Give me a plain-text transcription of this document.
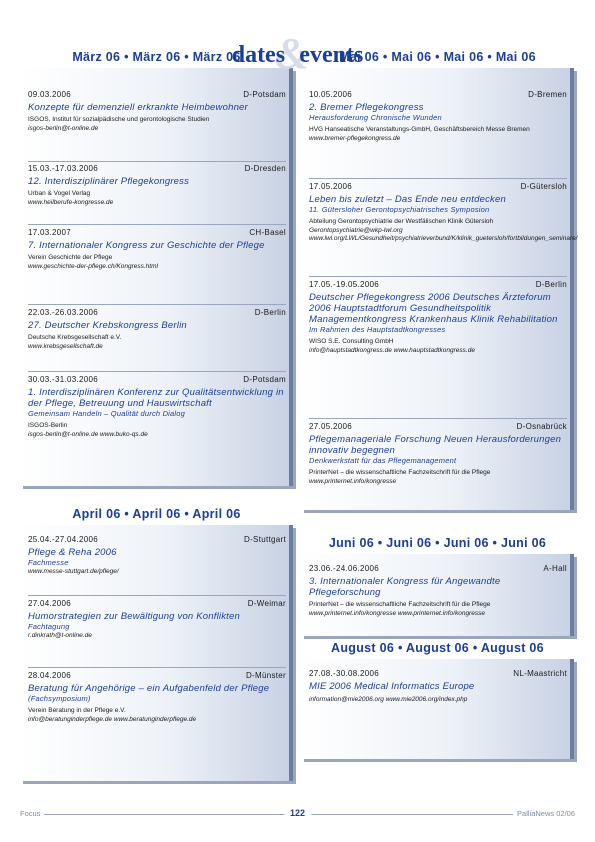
dates&events
März 06 • März 06 • März 06
09.03.2006	D-Potsdam
Konzepte für demenziell erkrankte Heimbewohner
ISGOS, Institut für sozialpädische und gerontologische Studien
isgos-berlin@t-online.de
15.03.-17.03.2006	D-Dresden
12. Interdisziplinärer Pflegekongress
Urban & Vogel Verlag
www.heilberufe-kongresse.de
17.03.2007	CH-Basel
7. Internationaler Kongress zur Geschichte der Pflege
Verein Geschichte der Pflege
www.geschichte-der-pflege.ch/Kongress.html
22.03.-26.03.2006	D-Berlin
27. Deutscher Krebskongress Berlin
Deutsche Krebsgesellschaft e.V.
www.krebsgesellschaft.de
30.03.-31.03.2006	D-Potsdam
1. Interdisziplinären Konferenz zur Qualitätsentwicklung in der Pflege, Betreuung und Hauswirtschaft
Gemeinsam Handeln – Qualität durch Dialog
ISGOS-Berlin
isgos-berlin@t-online.de www.buko-qs.de
April 06 • April 06 • April 06
25.04.-27.04.2006	D-Stuttgart
Pflege & Reha 2006
Fachmesse
www.messe-stuttgart.de/pflege/
27.04.2006	D-Weimar
Humorstrategien zur Bewältigung von Konflikten
Fachtagung
r.dinkrath@t-online.de
28.04.2006	D-Münster
Beratung für Angehörige – ein Aufgabenfeld der Pflege
(Fachsymposium)
Verein Beratung in der Pflege e.V.
info@beratunginderpflege.de www.beratunginderpflege.de
Mai 06 • Mai 06 • Mai 06 • Mai 06
10.05.2006	D-Bremen
2. Bremer Pflegekongress
Herausforderung Chronische Wunden
HVG Hanseatische Veranstaltungs-GmbH, Geschäftsbereich Messe Bremen
www.bremer-pflegekongress.de
17.05.2006	D-Gütersloh
Leben bis zuletzt – Das Ende neu entdecken
11. Gütersloher Gerontopsychiatrisches Symposion
Abteilung Gerontopsychiatrie der Westfälischen Klinik Gütersloh
Gerontopsychiatrie@wkp-lwl.org www.lwl.org/LWL/Gesundheit/psychiatrieverbund/K/klinik_guetersloh/fortbildungen_seminare/
17.05.-19.05.2006	D-Berlin
Deutscher Pflegekongress 2006 Deutsches Ärzteforum 2006 Hauptstadtforum Gesundheitspolitik Managementkongress Krankenhaus Klinik Rehabilitation
Im Rahmen des Hauptstadtkongresses
WISO S.E. Consulting GmbH
info@hauptstadtkongress.de www.hauptstadtkongress.de
27.05.2006	D-Osnabrück
Pflegemanageriale Forschung Neuen Herausforderungen innovativ begegnen
Denkwerkstatt für das Pflegemanagement
PrinterNet – die wissenschaftliche Fachzeitschrift für die Pflege
www.printernet.info/kongresse
Juni 06 • Juni 06 • Juni 06 • Juni 06
23.06.-24.06.2006	A-Hall
3. Internationaler Kongress für Angewandte Pflegeforschung
PrinterNet – die wissenschaftliche Fachzeitschrift für die Pflege
www.printernet.info/kongresse www.printernet.info/kongresse
August 06 • August 06 • August 06
27.08.-30.08.2006	NL-Maastricht
MIE 2006 Medical Informatics Europe
information@mie2006.org www.mie2006.org/index.php
Focus	122	PalliaNews 02/06
